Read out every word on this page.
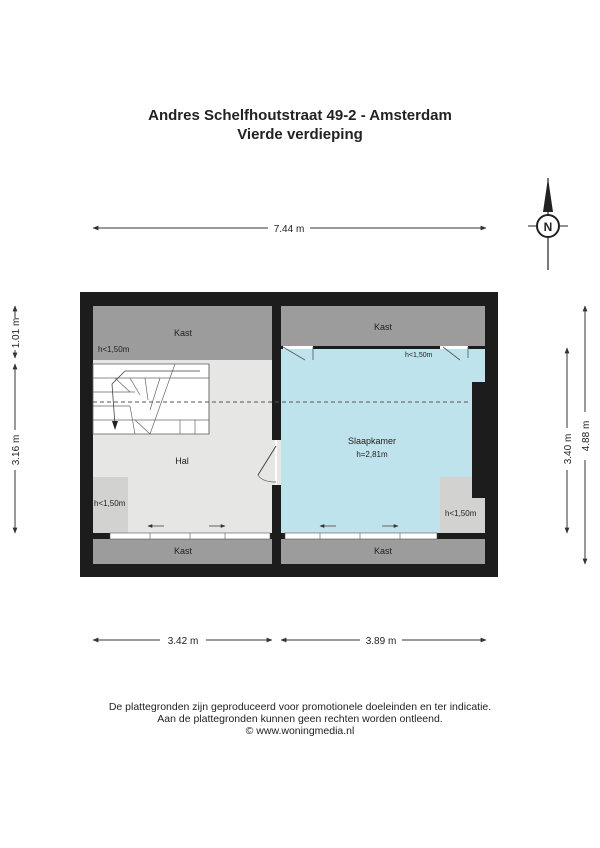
Andres Schelfhoutstraat 49-2 - Amsterdam
Vierde verdieping
N
7.44 m
1.01 m
3.16 m	3.40 m 4.88 m
3.42 m	3.89 m
Kast
Kast
Kast	Kast
Hal
Slaapkamer
h=2,81m
h<1,50m
h<1,50m
h<1,50m
h<1,50m
De plattegronden zijn geproduceerd voor promotionele doeleinden en ter indicatie.
Aan de plattegronden kunnen geen rechten worden ontleend.
© www.woningmedia.nl
